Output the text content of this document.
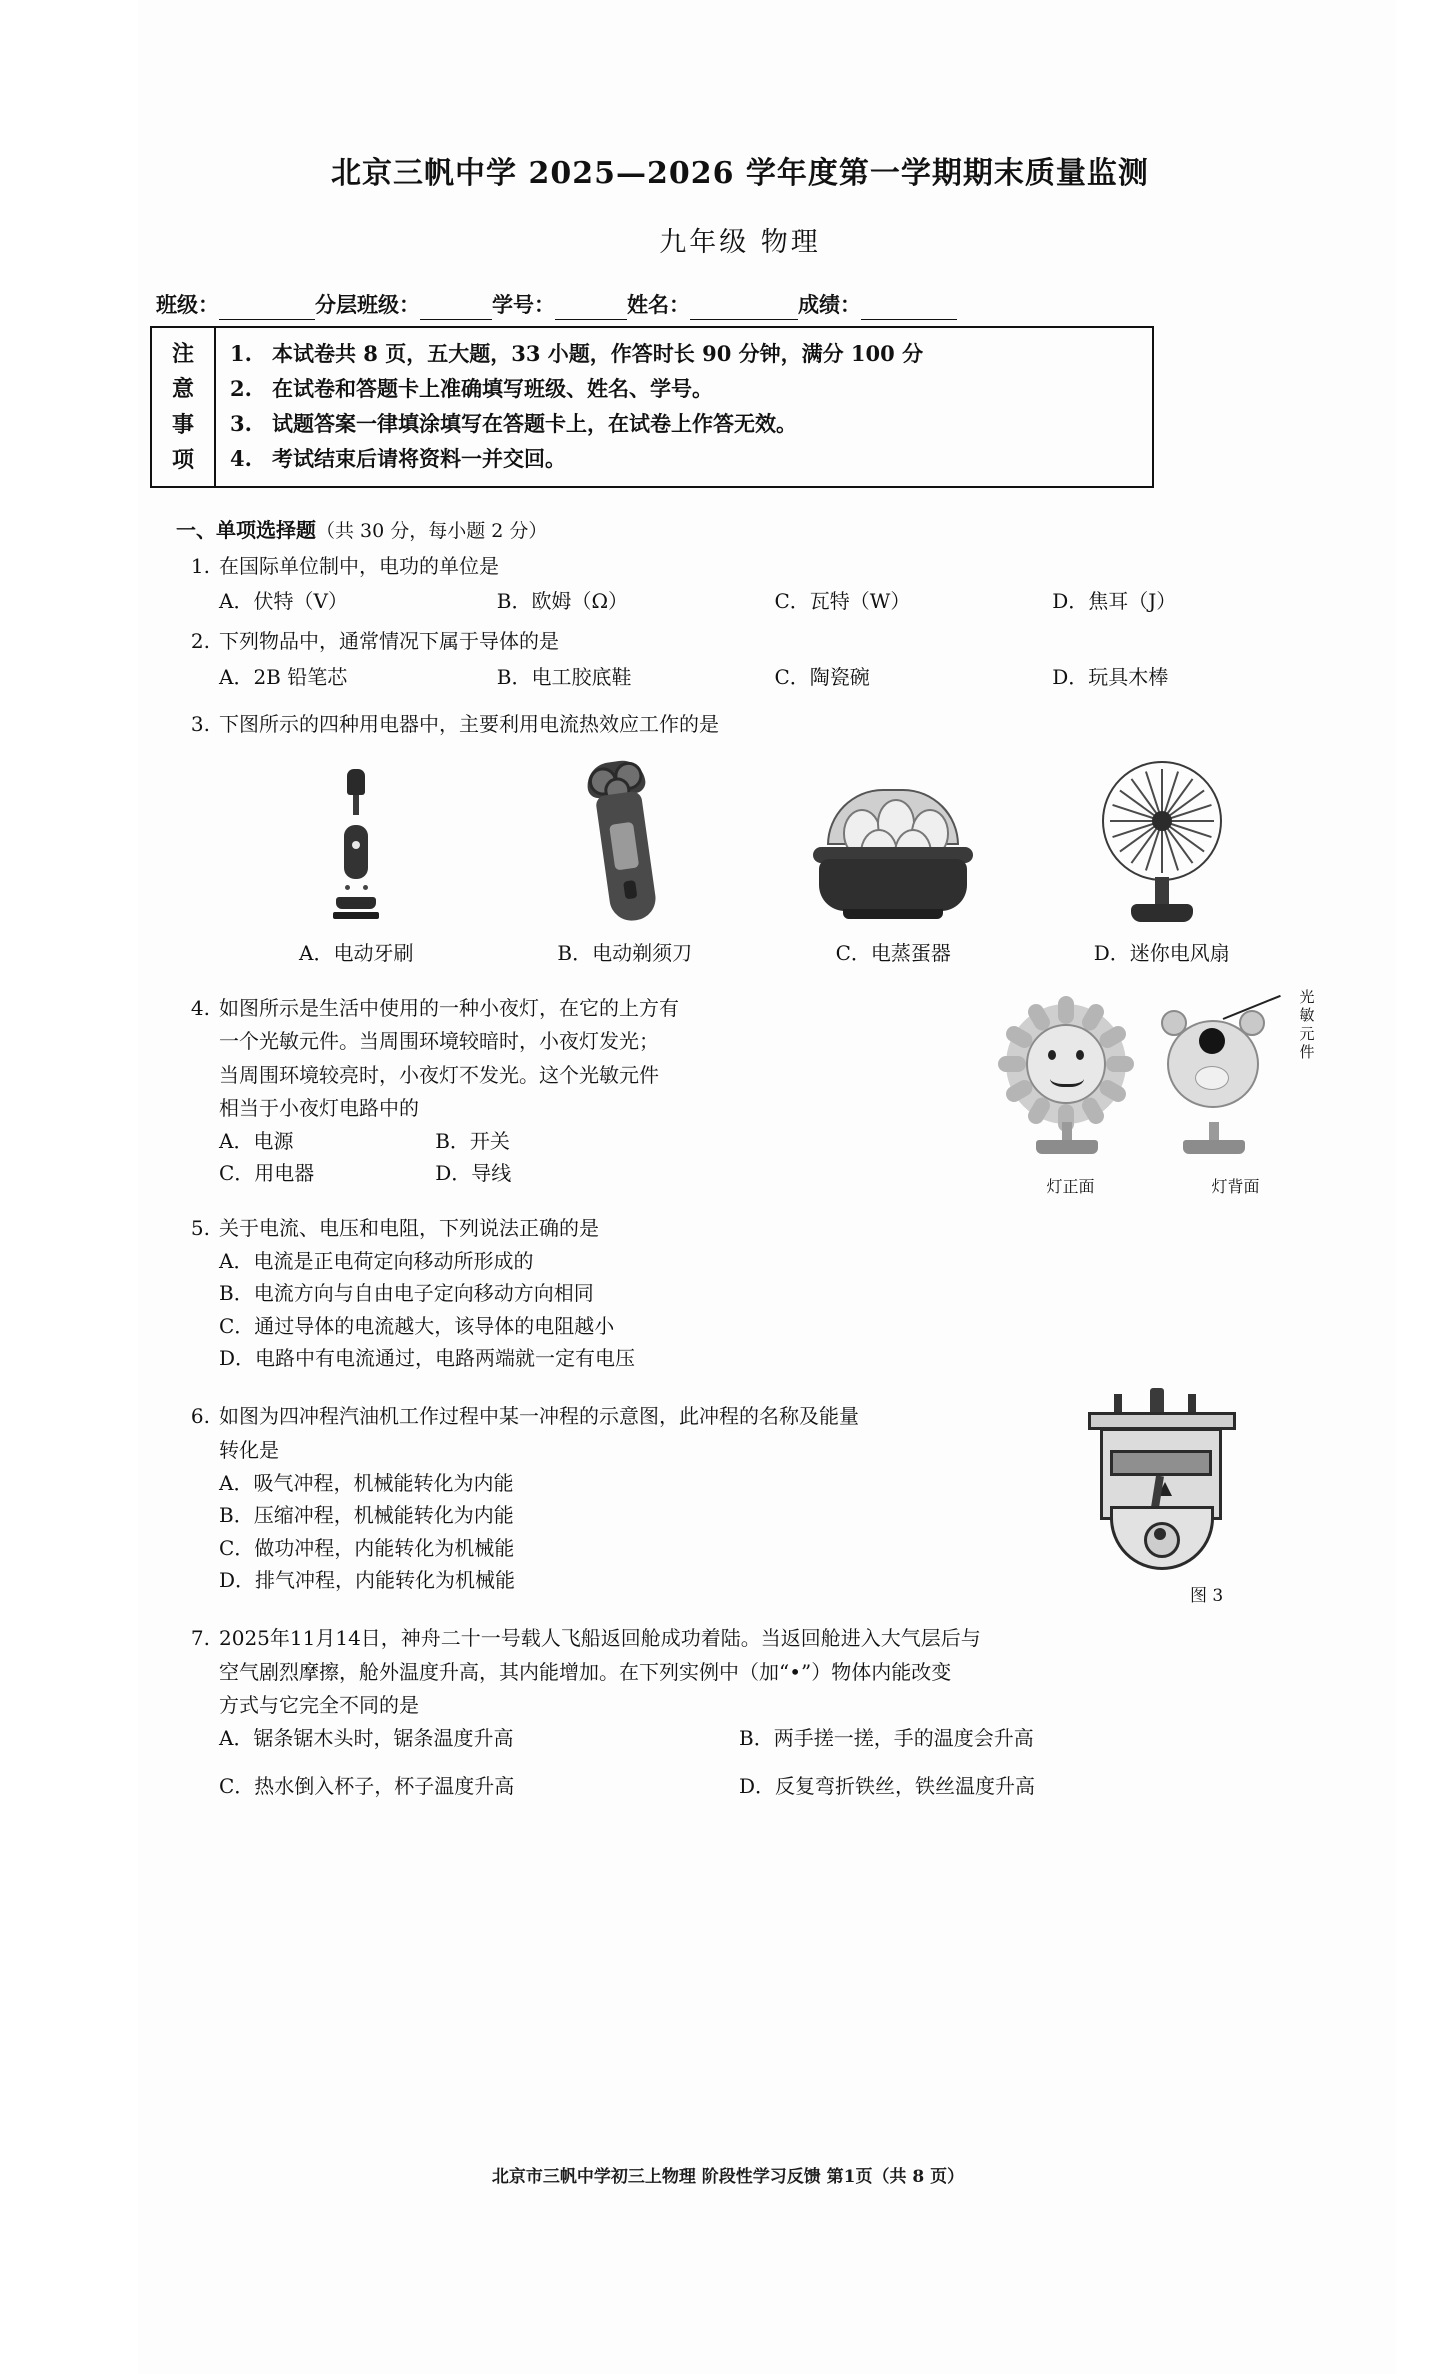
北京三帆中学 2025—2026 学年度第一学期期末质量监测
九年级 物理
班级：	分层班级：	学号：	姓名：	成绩：
注
意
事
项
1. 本试卷共 8 页，五大题，33 小题，作答时长 90 分钟，满分 100 分
2. 在试卷和答题卡上准确填写班级、姓名、学号。
3. 试题答案一律填涂填写在答题卡上，在试卷上作答无效。
4. 考试结束后请将资料一并交回。
一、单项选择题（共 30 分，每小题 2 分）
1. 在国际单位制中，电功的单位是
A．伏特（V）	B．欧姆（Ω）	C．瓦特（W）	D．焦耳（J）
2. 下列物品中，通常情况下属于导体的是
A．2B 铅笔芯	B．电工胶底鞋	C．陶瓷碗	D．玩具木棒
3. 下图所示的四种用电器中，主要利用电流热效应工作的是
A．电动牙刷	B．电动剃须刀	C．电蒸蛋器	D．迷你电风扇
光敏元件
灯正面	灯背面
4. 如图所示是生活中使用的一种小夜灯，在它的上方有
一个光敏元件。当周围环境较暗时，小夜灯发光；
当周围环境较亮时，小夜灯不发光。这个光敏元件
相当于小夜灯电路中的
A．电源
C．用电器
B．开关
D．导线
5. 关于电流、电压和电阻，下列说法正确的是
A．电流是正电荷定向移动所形成的
B．电流方向与自由电子定向移动方向相同
C．通过导体的电流越大，该导体的电阻越小
D．电路中有电流通过，电路两端就一定有电压
图 3
6. 如图为四冲程汽油机工作过程中某一冲程的示意图，此冲程的名称及能量
转化是
A．吸气冲程，机械能转化为内能
B．压缩冲程，机械能转化为内能
C．做功冲程，内能转化为机械能
D．排气冲程，内能转化为机械能
7. 2025年11月14日，神舟二十一号载人飞船返回舱成功着陆。当返回舱进入大气层后与
空气剧烈摩擦，舱外温度升高，其内能增加。在下列实例中（加“•”）物体内能改变
方式与它完全不同的是
A．锯条锯木头时，锯条温度升高
C．热水倒入杯子，杯子温度升高
B．两手搓一搓，手的温度会升高
D．反复弯折铁丝，铁丝温度升高
北京市三帆中学初三上物理 阶段性学习反馈 第1页（共 8 页）
